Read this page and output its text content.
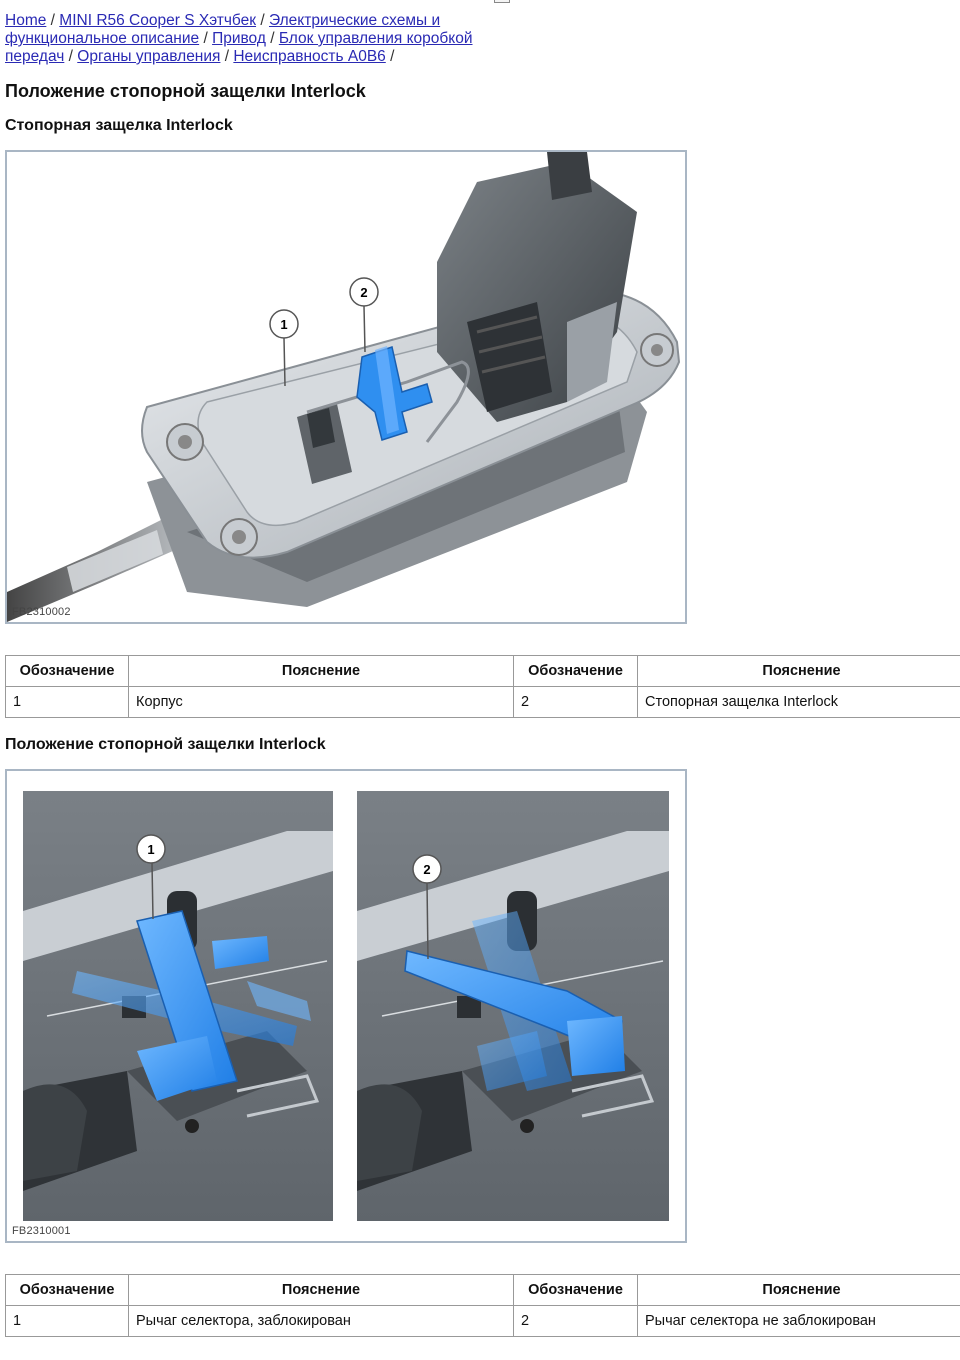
Home / MINI R56 Cooper S Хэтчбек / Электрические схемы и функциональное описание / Привод / Блок управления коробкой передач / Органы управления / Неисправность A0B6 /
Положение стопорной защелки Interlock
Стопорная защелка Interlock
1
2
FB2310002
Обозначение	Пояснение	Обозначение	Пояснение
1	Корпус	2	Стопорная защелка Interlock
Положение стопорной защелки Interlock
1
2
FB2310001
Обозначение	Пояснение	Обозначение	Пояснение
1	Рычаг селектора, заблокирован	2	Рычаг селектора не заблокирован
